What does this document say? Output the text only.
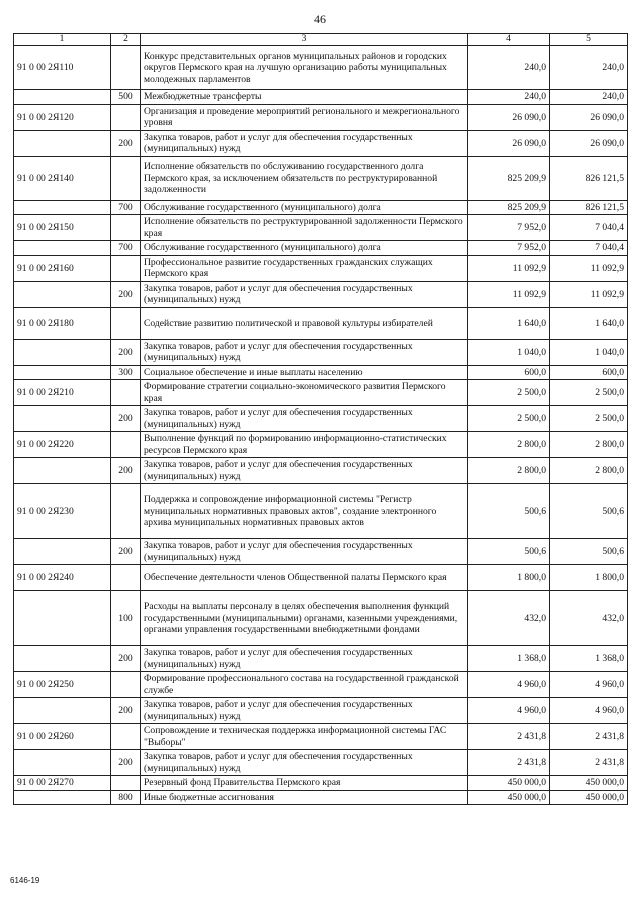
46
1	2	3	4	5
91 0 00 2Я110		Конкурс представительных органов муниципальных районов и городских округов Пермского края на лучшую организацию работы муниципальных молодежных парламентов	240,0	240,0
	500	Межбюджетные трансферты	240,0	240,0
91 0 00 2Я120		Организация и проведение мероприятий регионального и межрегионального уровня	26 090,0	26 090,0
	200	Закупка товаров, работ и услуг для обеспечения государственных (муниципальных) нужд	26 090,0	26 090,0
91 0 00 2Я140		Исполнение обязательств по обслуживанию государственного долга Пермского края, за исключением обязательств по реструктурированной задолженности	825 209,9	826 121,5
	700	Обслуживание государственного (муниципального) долга	825 209,9	826 121,5
91 0 00 2Я150		Исполнение обязательств по реструктурированной задолженности Пермского края	7 952,0	7 040,4
	700	Обслуживание государственного (муниципального) долга	7 952,0	7 040,4
91 0 00 2Я160		Профессиональное развитие государственных гражданских служащих Пермского края	11 092,9	11 092,9
	200	Закупка товаров, работ и услуг для обеспечения государственных (муниципальных) нужд	11 092,9	11 092,9
91 0 00 2Я180		Содействие развитию политической и правовой культуры избирателей	1 640,0	1 640,0
	200	Закупка товаров, работ и услуг для обеспечения государственных (муниципальных) нужд	1 040,0	1 040,0
	300	Социальное обеспечение и иные выплаты населению	600,0	600,0
91 0 00 2Я210		Формирование стратегии социально-экономического развития Пермского края	2 500,0	2 500,0
	200	Закупка товаров, работ и услуг для обеспечения государственных (муниципальных) нужд	2 500,0	2 500,0
91 0 00 2Я220		Выполнение функций по формированию информационно-статистических ресурсов Пермского края	2 800,0	2 800,0
	200	Закупка товаров, работ и услуг для обеспечения государственных (муниципальных) нужд	2 800,0	2 800,0
91 0 00 2Я230		Поддержка и сопровождение информационной системы "Регистр муниципальных нормативных правовых актов", создание электронного архива муниципальных нормативных правовых актов	500,6	500,6
	200	Закупка товаров, работ и услуг для обеспечения государственных (муниципальных) нужд	500,6	500,6
91 0 00 2Я240		Обеспечение деятельности членов Общественной палаты Пермского края	1 800,0	1 800,0
	100	Расходы на выплаты персоналу в целях обеспечения выполнения функций государственными (муниципальными) органами, казенными учреждениями, органами управления государственными внебюджетными фондами	432,0	432,0
	200	Закупка товаров, работ и услуг для обеспечения государственных (муниципальных) нужд	1 368,0	1 368,0
91 0 00 2Я250		Формирование профессионального состава на государственной гражданской службе	4 960,0	4 960,0
	200	Закупка товаров, работ и услуг для обеспечения государственных (муниципальных) нужд	4 960,0	4 960,0
91 0 00 2Я260		Сопровождение и техническая поддержка информационной системы ГАС "Выборы"	2 431,8	2 431,8
	200	Закупка товаров, работ и услуг для обеспечения государственных (муниципальных) нужд	2 431,8	2 431,8
91 0 00 2Я270		Резервный фонд Правительства Пермского края	450 000,0	450 000,0
	800	Иные бюджетные ассигнования	450 000,0	450 000,0
6146-19
